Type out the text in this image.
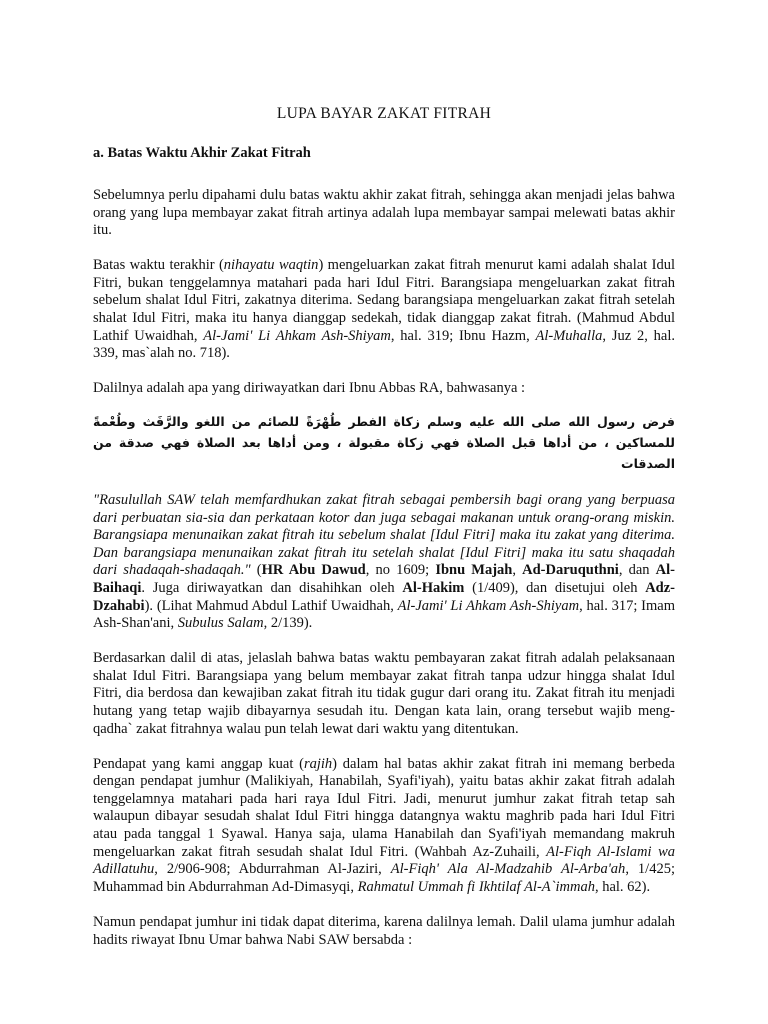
LUPA BAYAR ZAKAT FITRAH
a. Batas Waktu Akhir Zakat Fitrah

Sebelumnya perlu dipahami dulu batas waktu akhir zakat fitrah, sehingga akan menjadi jelas bahwa orang yang lupa membayar zakat fitrah artinya adalah lupa membayar sampai melewati batas akhir itu.

Batas waktu terakhir (nihayatu waqtin) mengeluarkan zakat fitrah menurut kami adalah shalat Idul Fitri, bukan tenggelamnya matahari pada hari Idul Fitri. Barangsiapa mengeluarkan zakat fitrah sebelum shalat Idul Fitri, zakatnya diterima. Sedang barangsiapa mengeluarkan zakat fitrah setelah shalat Idul Fitri, maka itu hanya dianggap sedekah, tidak dianggap zakat fitrah. (Mahmud Abdul Lathif Uwaidhah, Al-Jami' Li Ahkam Ash-Shiyam, hal. 319; Ibnu Hazm, Al-Muhalla, Juz 2, hal. 339, mas`alah no. 718).

Dalilnya adalah apa yang diriwayatkan dari Ibnu Abbas RA, bahwasanya :

فرض رسول الله صلى الله عليه وسلم زكاة الفطر طُهْرَةً للصائم من اللغو والرَّفَث وطُعْمةً للمساكين ، من أداها قبل الصلاة فهي زكاة مقبولة ، ومن أداها بعد الصلاة فهي صدقة من الصدقات

"Rasulullah SAW telah memfardhukan zakat fitrah sebagai pembersih bagi orang yang berpuasa dari perbuatan sia-sia dan perkataan kotor dan juga sebagai makanan untuk orang-orang miskin. Barangsiapa menunaikan zakat fitrah itu sebelum shalat [Idul Fitri] maka itu zakat yang diterima. Dan barangsiapa menunaikan zakat fitrah itu setelah shalat [Idul Fitri] maka itu satu shaqadah dari shadaqah-shadaqah." (HR Abu Dawud, no 1609; Ibnu Majah, Ad-Daruquthni, dan Al-Baihaqi. Juga diriwayatkan dan disahihkan oleh Al-Hakim (1/409), dan disetujui oleh Adz-Dzahabi). (Lihat Mahmud Abdul Lathif Uwaidhah, Al-Jami' Li Ahkam Ash-Shiyam, hal. 317; Imam Ash-Shan'ani, Subulus Salam, 2/139).

Berdasarkan dalil di atas, jelaslah bahwa batas waktu pembayaran zakat fitrah adalah pelaksanaan shalat Idul Fitri. Barangsiapa yang belum membayar zakat fitrah tanpa udzur hingga shalat Idul Fitri, dia berdosa dan kewajiban zakat fitrah itu tidak gugur dari orang itu. Zakat fitrah itu menjadi hutang yang tetap wajib dibayarnya sesudah itu. Dengan kata lain, orang tersebut wajib meng-qadha` zakat fitrahnya walau pun telah lewat dari waktu yang ditentukan.

Pendapat yang kami anggap kuat (rajih) dalam hal batas akhir zakat fitrah ini memang berbeda dengan pendapat jumhur (Malikiyah, Hanabilah, Syafi'iyah), yaitu batas akhir zakat fitrah adalah tenggelamnya matahari pada hari raya Idul Fitri. Jadi, menurut jumhur zakat fitrah tetap sah walaupun dibayar sesudah shalat Idul Fitri hingga datangnya waktu maghrib pada hari Idul Fitri atau pada tanggal 1 Syawal. Hanya saja, ulama Hanabilah dan Syafi'iyah memandang makruh mengeluarkan zakat fitrah sesudah shalat Idul Fitri. (Wahbah Az-Zuhaili, Al-Fiqh Al-Islami wa Adillatuhu, 2/906-908; Abdurrahman Al-Jaziri, Al-Fiqh' Ala Al-Madzahib Al-Arba'ah, 1/425; Muhammad bin Abdurrahman Ad-Dimasyqi, Rahmatul Ummah fi Ikhtilaf Al-A`immah, hal. 62).

Namun pendapat jumhur ini tidak dapat diterima, karena dalilnya lemah. Dalil ulama jumhur adalah hadits riwayat Ibnu Umar bahwa Nabi SAW bersabda :
